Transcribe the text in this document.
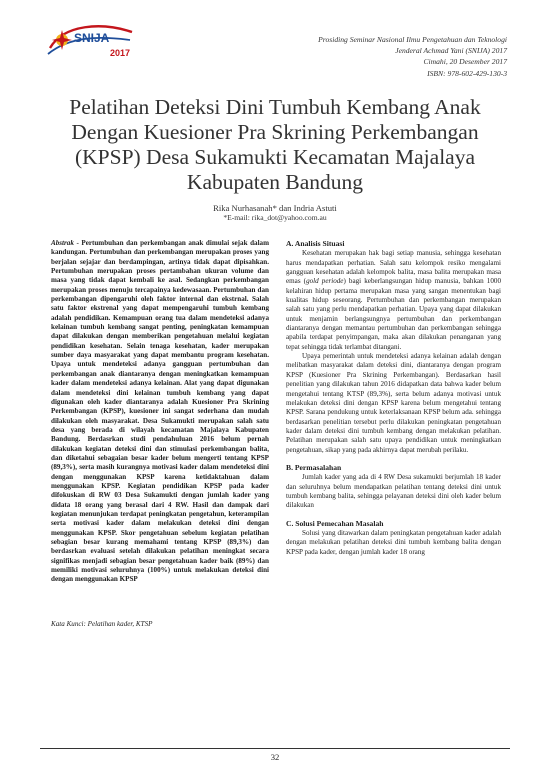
SNIJA
2017
Prosiding Seminar Nasional Ilmu Pengetahuan dan Teknologi
Jenderal Achmad Yani (SNIJA) 2017
Cimahi, 20 Desember 2017
ISBN: 978-602-429-130-3
Pelatihan Deteksi Dini Tumbuh Kembang Anak Dengan Kuesioner Pra Skrining Perkembangan (KPSP) Desa Sukamukti Kecamatan Majalaya Kabupaten Bandung
Rika Nurhasanah* dan Indria Astuti
*E-mail: rika_dot@yahoo.com.au
Abstrak - Pertumbuhan dan perkembangan anak dimulai sejak dalam kandungan. Pertumbuhan dan perkembangan merupakan proses yang berjalan sejajar dan berdampingan, artinya tidak dapat dipisahkan. Pertumbuhan merupakan proses pertambahan ukuran volume dan masa yang tidak dapat kembali ke asal. Sedangkan perkembangan merupakan proses menuju tercapainya kedewasaan. Pertumbuhan dan perkembangan dipengaruhi oleh faktor internal dan ekstrnal. Salah satu faktor ekstrenal yang dapat mempengaruhi tumbuh kembang adalah pendidikan. Kemampuan orang tua dalam mendeteksi adanya kelainan tumbuh kembang sangat penting, peningkatan kemampuan dapat dilakukan dengan memberikan pengetahuan melalui kegiatan pendidikan kesehatan. Selain tenaga kesehatan, kader merupakan sumber daya masyarakat yang dapat membantu program kesehatan. Upaya untuk mendeteksi adanya gangguan pertumbuhan dan perkembangan anak diantaranya dengan meningkatkan kemampuan kader dalam mendeteksi adanya kelainan. Alat yang dapat digunakan dalam mendeteksi dini kelainan tumbuh kembang yang dapat digunakan oleh kader diantaranya adalah Kuesioner Pra Skrining Perkembangan (KPSP), kuesioner ini sangat sederhana dan mudah dilakukan oleh masyarakat. Desa Sukamukti merupakan salah satu desa yang berada di wilayah kecamatan Majalaya Kabupaten Bandung. Berdasrkan studi pendahuluan 2016 belum pernah dilakukan kegiatan deteksi dini dan stimulasi perkembangan balita, dan diketahui sebagaian besar kader belum mengerti tentang KPSP (89,3%), serta masih kurangnya motivasi kader dalam mendeteksi dini dengan menggunakan KPSP karena ketidaktahuan dalam menggunakan KPSP. Kegiatan pendidikan KPSP pada kader difokuskan di RW 03 Desa Sukamukti dengan jumlah kader yang didata 18 orang yang berasal dari 4 RW. Hasil dan dampak dari kegiatan menunjukan terdapat peningkatan pengetahun, keterampilan serta motivasi kader dalam melakukan deteksi dini dengan menggunakan KPSP. Skor pengetahuan sebelum kegiatan pelatihan sebagian besar kurang memahami tentang KPSP (89,3%) dan berdasrkan evaluasi setelah dilakukan pelatihan meningkat secara signifikas menjadi sebagian besar pengetahuan kader baik (89%) dan memiliki motivasi seluruhnya (100%) untuk melakukan deteksi dini dengan menggunakan KPSP
Kata Kunci: Pelatihan kader, KTSP
A. Analisis Situasi

Kesehatan merupakan hak bagi setiap manusia, sehingga kesehatan harus mendapatkan perhatian. Salah satu kelompok resiko mengalami gangguan kesehatan adalah kelompok balita, masa balita merupakan masa emas (gold periode) bagi keberlangsungan hidup manusia, bahkan 1000 kelahiran hidup pertama merupakan masa yang sangan menentukan bagi kualitas hidup seseorang. Pertumbuhan dan perkembangan merupakan salah satu yang perlu mendapatkan perhatian. Upaya yang dapat dilakukan untuk menjamin berlangsungnya pertumbuhan dan perkembangan diantaranya dengan memantau pertumbuhan dan perkembangan sehingga apabila terdapat penyimpangan, maka akan dilakukan penanganan yang tepat sehingga tidak terlambat ditangani.

Upaya pemerintah untuk mendeteksi adanya kelainan adalah dengan melibatkan masyarakat dalam deteksi dini, diantaranya dengan program KPSP (Kuesioner Pra Skrining Perkembangan). Berdasarkan hasil penelitian yang dilakukan tahun 2016 didapatkan data bahwa kader belum mengetahui tentang KTSP (89,3%), serta belum adanya motivasi untuk melakukan deteksi dini dengan KPSP karena belum mengetahui tentang KPSP. Sarana pendukung untuk keterlaksanaan KPSP belum ada. sehingga berdasarkan penelitian tersebut perlu dilakukan peningkatan pengetahuan kader dalam deteksi dini tumbuh kembang dengan melakukan pelatihan. Pelatihan merupakan salah satu upaya pendidikan untuk meningkatkan pengetahuan, sikap yang pada akhirnya dapat merubah perilaku.

B. Permasalahan

Jumlah kader yang ada di 4 RW Desa sukamukti berjumlah 18 kader dan seluruhnya belum mendapatkan pelatihan tentang deteksi dini untuk tumbuh kembang balita, sehingga pelayanan deteksi dini oleh kader belum dilakukan

C. Solusi Pemecahan Masalah

Solusi yang ditawarkan dalam peningkatan pengetahuan kader adalah dengan melakukan pelatihan deteksi dini tumbuh kembang balita dengan KPSP pada kader, dengan jumlah kader 18 orang

32
